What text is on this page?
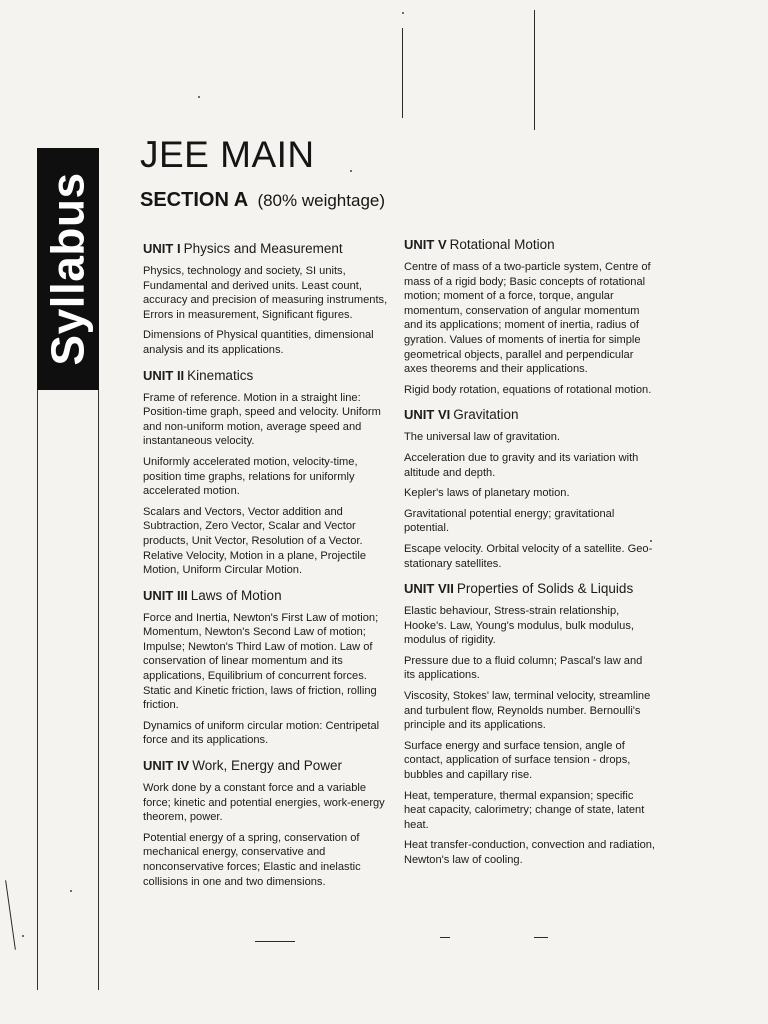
Syllabus
JEE MAIN
SECTION A (80% weightage)
UNIT I Physics and Measurement

Physics, technology and society, SI units, Fundamental and derived units. Least count, accuracy and precision of measuring instruments, Errors in measurement, Significant figures.

Dimensions of Physical quantities, dimensional analysis and its applications.

UNIT II Kinematics

Frame of reference. Motion in a straight line: Position-time graph, speed and velocity. Uniform and non-uniform motion, average speed and instantaneous velocity.

Uniformly accelerated motion, velocity-time, position time graphs, relations for uniformly accelerated motion.

Scalars and Vectors, Vector addition and Subtraction, Zero Vector, Scalar and Vector products, Unit Vector, Resolution of a Vector. Relative Velocity, Motion in a plane, Projectile Motion, Uniform Circular Motion.

UNIT III Laws of Motion

Force and Inertia, Newton's First Law of motion; Momentum, Newton's Second Law of motion; Impulse; Newton's Third Law of motion. Law of conservation of linear momentum and its applications, Equilibrium of concurrent forces. Static and Kinetic friction, laws of friction, rolling friction.

Dynamics of uniform circular motion: Centripetal force and its applications.

UNIT IV Work, Energy and Power

Work done by a constant force and a variable force; kinetic and potential energies, work-energy theorem, power.

Potential energy of a spring, conservation of mechanical energy, conservative and nonconservative forces; Elastic and inelastic collisions in one and two dimensions.

UNIT V Rotational Motion

Centre of mass of a two-particle system, Centre of mass of a rigid body; Basic concepts of rotational motion; moment of a force, torque, angular momentum, conservation of angular momentum and its applications; moment of inertia, radius of gyration. Values of moments of inertia for simple geometrical objects, parallel and perpendicular axes theorems and their applications.

Rigid body rotation, equations of rotational motion.

UNIT VI Gravitation

The universal law of gravitation.

Acceleration due to gravity and its variation with altitude and depth.

Kepler's laws of planetary motion.

Gravitational potential energy; gravitational potential.

Escape velocity. Orbital velocity of a satellite. Geo-stationary satellites.

UNIT VII Properties of Solids & Liquids

Elastic behaviour, Stress-strain relationship, Hooke's. Law, Young's modulus, bulk modulus, modulus of rigidity.

Pressure due to a fluid column; Pascal's law and its applications.

Viscosity, Stokes' law, terminal velocity, streamline and turbulent flow, Reynolds number. Bernoulli's principle and its applications.

Surface energy and surface tension, angle of contact, application of surface tension - drops, bubbles and capillary rise.

Heat, temperature, thermal expansion; specific heat capacity, calorimetry; change of state, latent heat.

Heat transfer-conduction, convection and radiation, Newton's law of cooling.
